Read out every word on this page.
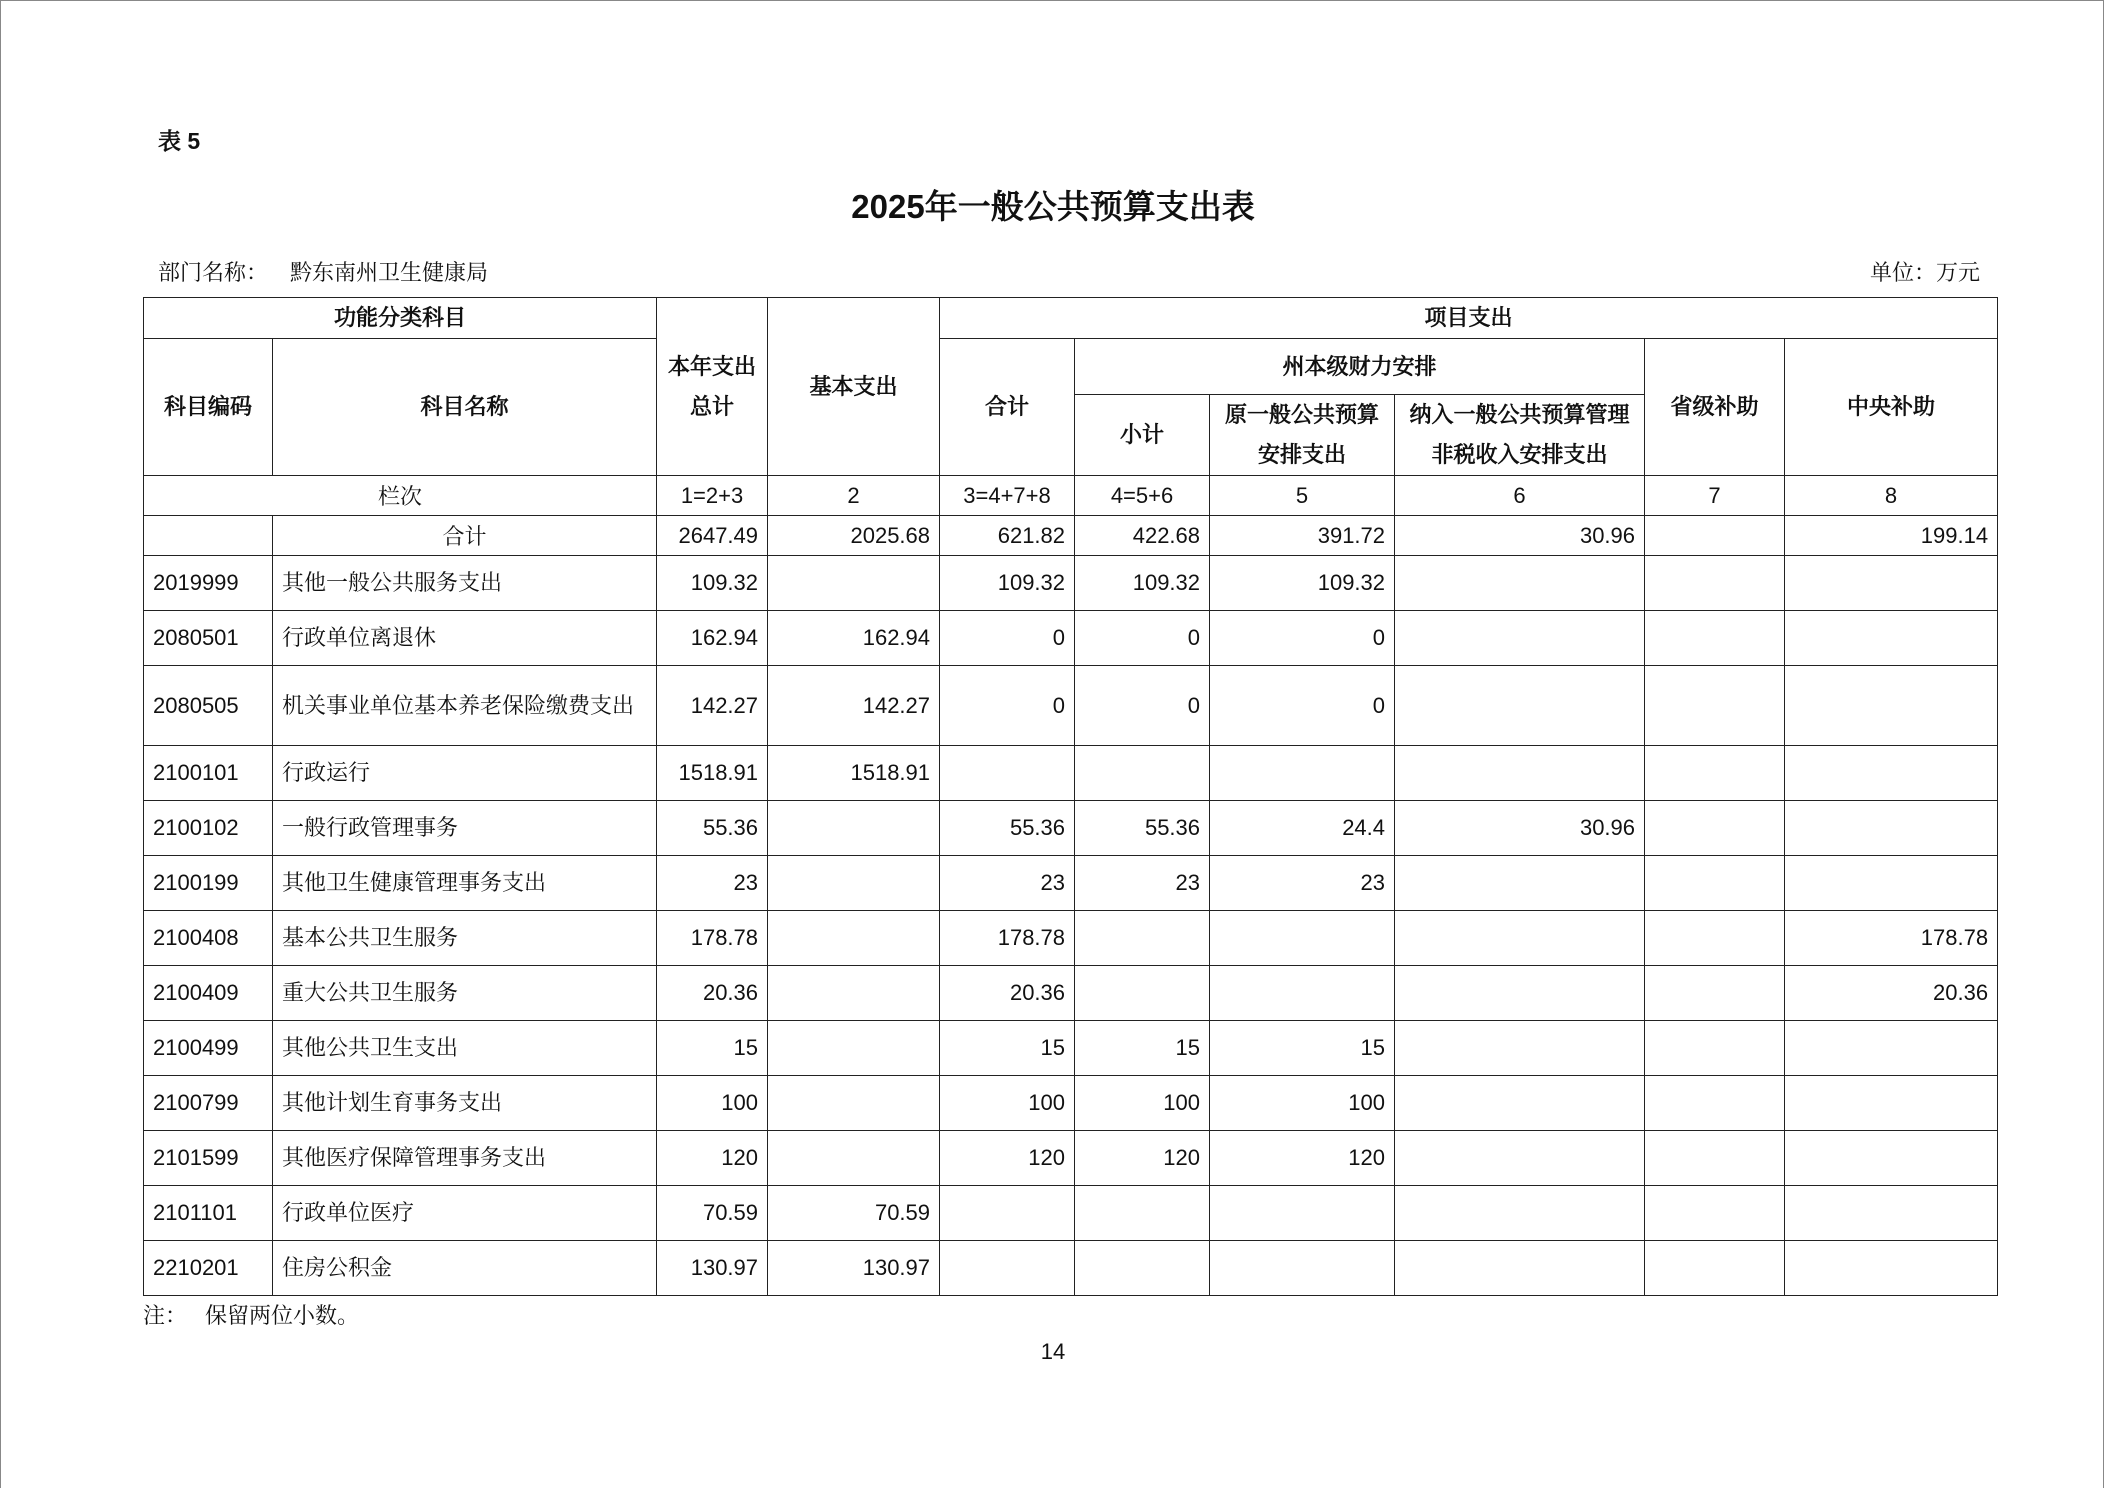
表 5
2025年一般公共预算支出表
部门名称： 黔东南州卫生健康局	单位：万元
功能分类科目		本年支出总计	基本支出	项目支出					
科目编码	科目名称			合计	州本级财力安排			省级补助	中央补助
					小计	原一般公共预算安排支出	纳入一般公共预算管理非税收入安排支出		
栏次		1=2+3	2	3=4+7+8	4=5+6	5	6	7	8
	合计	2647.49	2025.68	621.82	422.68	391.72	30.96		199.14
2019999	其他一般公共服务支出	109.32		109.32	109.32	109.32			
2080501	行政单位离退休	162.94	162.94	0	0	0			
2080505	机关事业单位基本养老保险缴费支出	142.27	142.27	0	0	0			
2100101	行政运行	1518.91	1518.91						
2100102	一般行政管理事务	55.36		55.36	55.36	24.4	30.96		
2100199	其他卫生健康管理事务支出	23		23	23	23			
2100408	基本公共卫生服务	178.78		178.78					178.78
2100409	重大公共卫生服务	20.36		20.36					20.36
2100499	其他公共卫生支出	15		15	15	15			
2100799	其他计划生育事务支出	100		100	100	100			
2101599	其他医疗保障管理事务支出	120		120	120	120			
2101101	行政单位医疗	70.59	70.59						
2210201	住房公积金	130.97	130.97						
注： 保留两位小数。
14
